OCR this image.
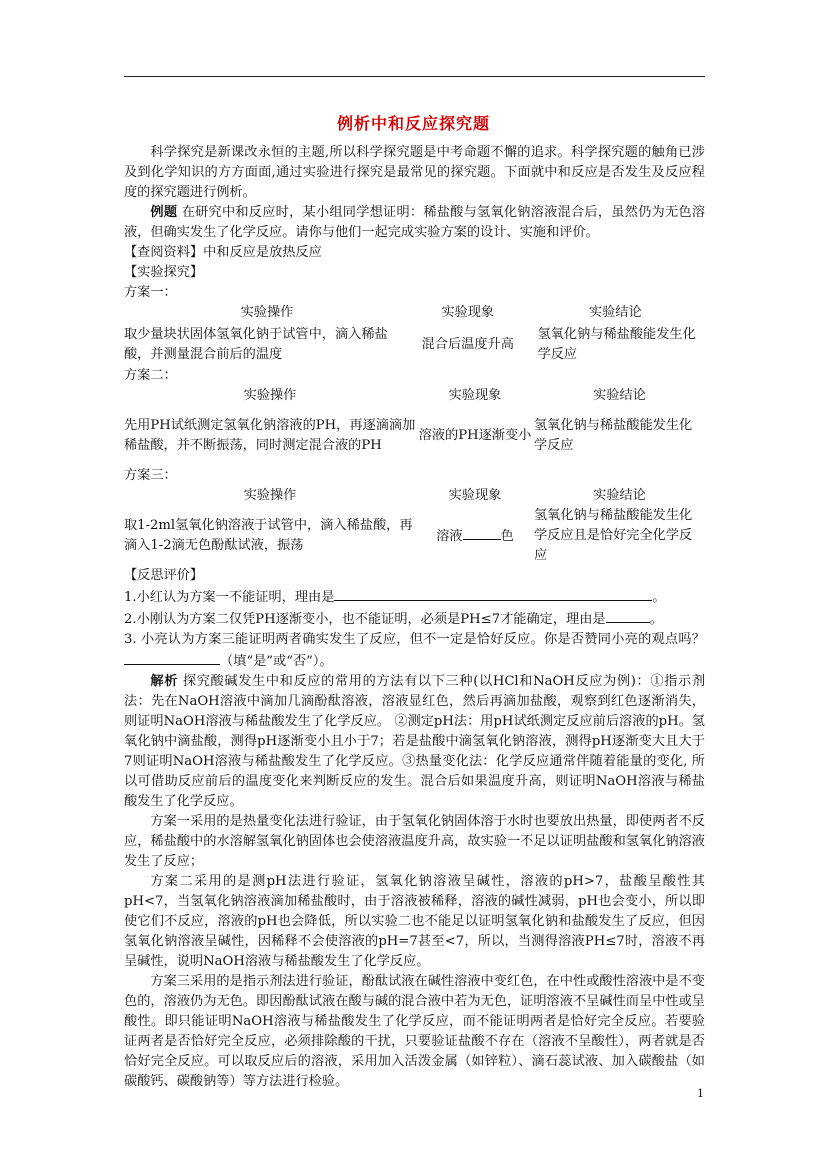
例析中和反应探究题

科学探究是新课改永恒的主题,所以科学探究题是中考命题不懈的追求。科学探究题的触角已涉及到化学知识的方方面面,通过实验进行探究是最常见的探究题。下面就中和反应是否发生及反应程度的探究题进行例析。

例题 在研究中和反应时，某小组同学想证明：稀盐酸与氢氧化钠溶液混合后，虽然仍为无色溶液，但确实发生了化学反应。请你与他们一起完成实验方案的设计、实施和评价。

【查阅资料】中和反应是放热反应

【实验探究】

方案一：

实验操作	实验现象	实验结论
取少量块状固体氢氧化钠于试管中，滴入稀盐酸，并测量混合前后的温度	混合后温度升高	氢氧化钠与稀盐酸能发生化学反应

方案二：

实验操作	实验现象	实验结论
先用PH试纸测定氢氧化钠溶液的PH，再逐滴滴加稀盐酸，并不断振荡，同时测定混合液的PH	溶液的PH逐渐变小	氢氧化钠与稀盐酸能发生化学反应

方案三：

实验操作	实验现象	实验结论
取1-2ml氢氧化钠溶液于试管中，滴入稀盐酸，再滴入1-2滴无色酚酞试液，振荡	溶液 色	氢氧化钠与稀盐酸能发生化学反应且是恰好完全化学反应

【反思评价】

1.小红认为方案一不能证明，理由是	。

2.小刚认为方案二仅凭PH逐渐变小，也不能证明，必须是PH≤7才能确定，理由是	。

3. 小亮认为方案三能证明两者确实发生了反应，但不一定是恰好反应。你是否赞同小亮的观点吗？（填“是”或“否”）。

解析 探究酸碱发生中和反应的常用的方法有以下三种(以HCl和NaOH反应为例)：①指示剂法：先在NaOH溶液中滴加几滴酚酞溶液，溶液显红色，然后再滴加盐酸，观察到红色逐渐消失，则证明NaOH溶液与稀盐酸发生了化学反应。 ②测定pH法：用pH试纸测定反应前后溶液的pH。氢氧化钠中滴盐酸，测得pH逐渐变小且小于7；若是盐酸中滴氢氧化钠溶液，测得pH逐渐变大且大于7则证明NaOH溶液与稀盐酸发生了化学反应。③热量变化法：化学反应通常伴随着能量的变化, 所以可借助反应前后的温度变化来判断反应的发生。混合后如果温度升高，则证明NaOH溶液与稀盐酸发生了化学反应。

方案一采用的是热量变化法进行验证，由于氢氧化钠固体溶于水时也要放出热量，即使两者不反应，稀盐酸中的水溶解氢氧化钠固体也会使溶液温度升高，故实验一不足以证明盐酸和氢氧化钠溶液发生了反应；

方案二采用的是测pH法进行验证，氢氧化钠溶液呈碱性，溶液的pH>7，盐酸呈酸性其pH<7，当氢氧化钠溶液滴加稀盐酸时，由于溶液被稀释，溶液的碱性减弱，pH也会变小，所以即使它们不反应，溶液的pH也会降低，所以实验二也不能足以证明氢氧化钠和盐酸发生了反应，但因氢氧化钠溶液呈碱性，因稀释不会使溶液的pH=7甚至<7，所以，当测得溶液PH≤7时，溶液不再呈碱性，说明NaOH溶液与稀盐酸发生了化学反应。

方案三采用的是指示剂法进行验证，酚酞试液在碱性溶液中变红色，在中性或酸性溶液中是不变色的，溶液仍为无色。即因酚酞试液在酸与碱的混合液中若为无色，证明溶液不呈碱性而呈中性或呈酸性。即只能证明NaOH溶液与稀盐酸发生了化学反应，而不能证明两者是恰好完全反应。若要验证两者是否恰好完全反应，必须排除酸的干扰，只要验证盐酸不存在（溶液不呈酸性），两者就是否恰好完全反应。可以取反应后的溶液，采用加入活泼金属（如锌粒）、滴石蕊试液、加入碳酸盐（如碳酸钙、碳酸钠等）等方法进行检验。

1
